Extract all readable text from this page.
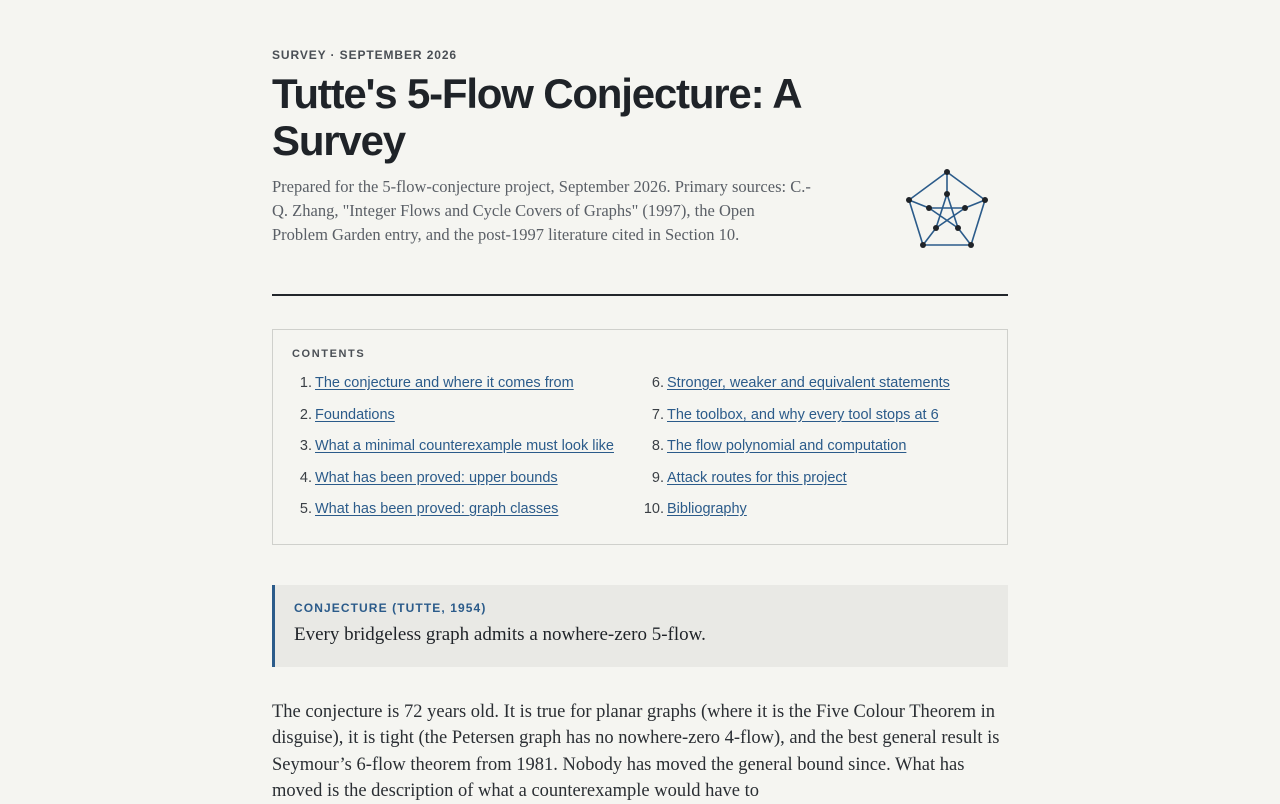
SURVEY · SEPTEMBER 2026
Tutte's 5-Flow Conjecture: A Survey

Prepared for the 5-flow-conjecture project, September 2026. Primary sources: C.-Q. Zhang, "Integer Flows and Cycle Covers of Graphs" (1997), the Open Problem Garden entry, and the post-1997 literature cited in Section 10.

CONTENTS
1. The conjecture and where it comes from
2. Foundations
3. What a minimal counterexample must look like
4. What has been proved: upper bounds
5. What has been proved: graph classes
6. Stronger, weaker and equivalent statements
7. The toolbox, and why every tool stops at 6
8. The flow polynomial and computation
9. Attack routes for this project
10. Bibliography
CONJECTURE (TUTTE, 1954)
Every bridgeless graph admits a nowhere-zero 5-flow.

The conjecture is 72 years old. It is true for planar graphs (where it is the Five Colour Theorem in disguise), it is tight (the Petersen graph has no nowhere-zero 4-flow), and the best general result is Seymour’s 6-flow theorem from 1981. Nobody has moved the general bound since. What has moved is the description of what a counterexample would have to
